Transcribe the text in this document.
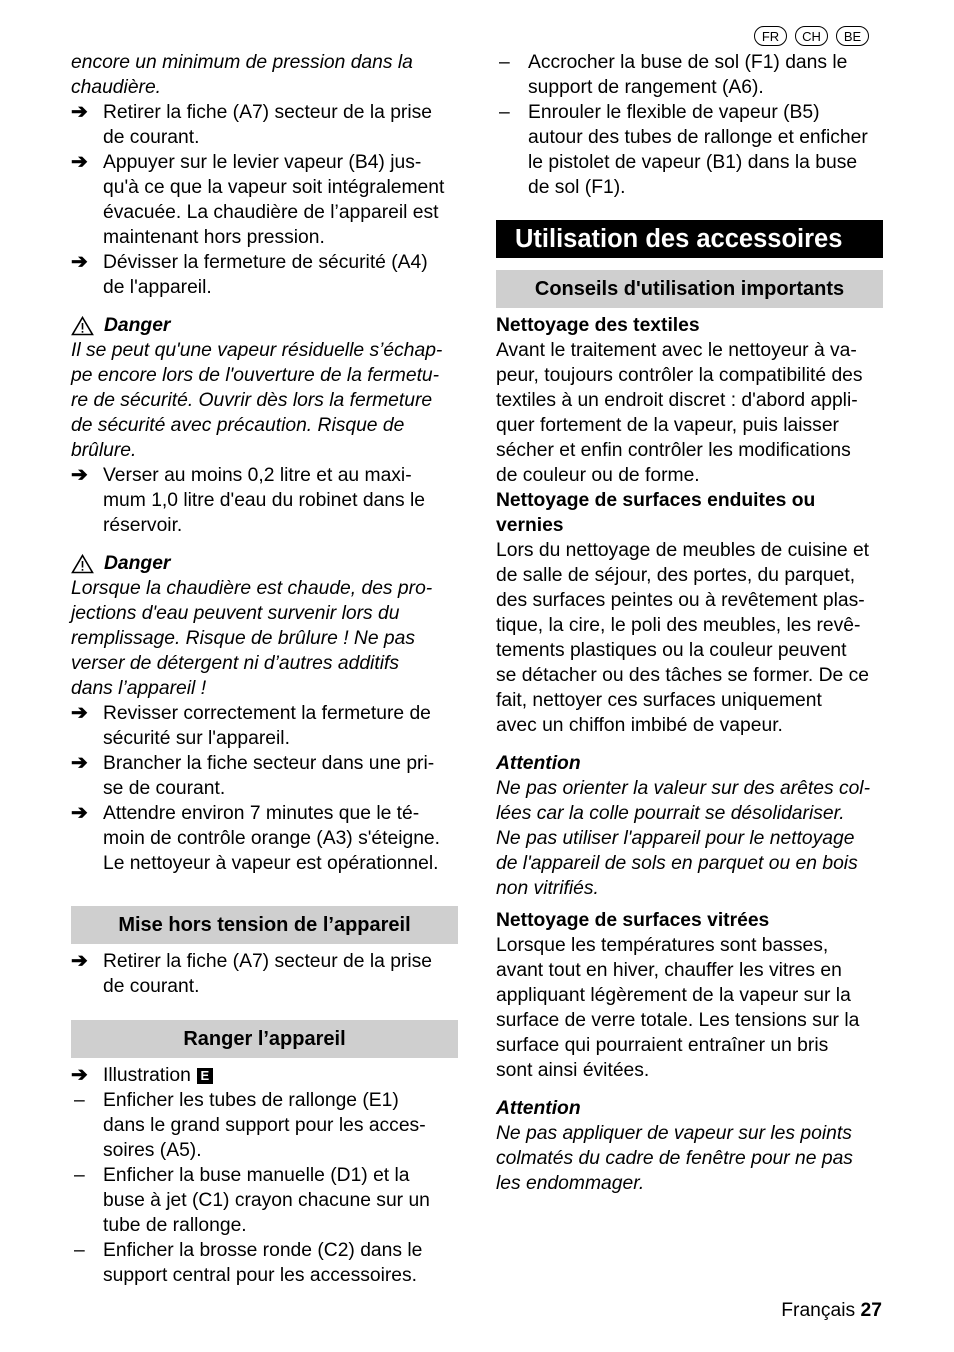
FR	CH	BE

encore un minimum de pression dans la

chaudière.

➔ Retirer la fiche (A7) secteur de la prise

de courant.

➔ Appuyer sur le levier vapeur (B4) jus-

qu'à ce que la vapeur soit intégralement

évacuée. La chaudière de l’appareil est

maintenant hors pression.

➔ Dévisser la fermeture de sécurité (A4)

de l'appareil.

Danger

Il se peut qu'une vapeur résiduelle s’échap-

pe encore lors de l'ouverture de la fermetu-

re de sécurité. Ouvrir dès lors la fermeture

de sécurité avec précaution. Risque de

brûlure.

➔ Verser au moins 0,2 litre et au maxi-

mum 1,0 litre d'eau du robinet dans le

réservoir.

Danger

Lorsque la chaudière est chaude, des pro-

jections d'eau peuvent survenir lors du

remplissage. Risque de brûlure ! Ne pas

verser de détergent ni d’autres additifs

dans l’appareil !

➔ Revisser correctement la fermeture de

sécurité sur l'appareil.

➔ Brancher la fiche secteur dans une pri-

se de courant.

➔ Attendre environ 7 minutes que le té-

moin de contrôle orange (A3) s'éteigne.

Le nettoyeur à vapeur est opérationnel.

Mise hors tension de l’appareil
➔ Retirer la fiche (A7) secteur de la prise

de courant.

Ranger l’appareil
➔ Illustration E

– Enficher les tubes de rallonge (E1)

dans le grand support pour les acces-

soires (A5).

– Enficher la buse manuelle (D1) et la

buse à jet (C1) crayon chacune sur un

tube de rallonge.

– Enficher la brosse ronde (C2) dans le

support central pour les accessoires.

– Accrocher la buse de sol (F1) dans le

support de rangement (A6).

– Enrouler le flexible de vapeur (B5)

autour des tubes de rallonge et enficher

le pistolet de vapeur (B1) dans la buse

de sol (F1).

Utilisation des accessoires
Conseils d'utilisation importants

Nettoyage des textiles

Avant le traitement avec le nettoyeur à va-

peur, toujours contrôler la compatibilité des

textiles à un endroit discret : d'abord appli-

quer fortement de la vapeur, puis laisser

sécher et enfin contrôler les modifications

de couleur ou de forme.

Nettoyage de surfaces enduites ou

vernies

Lors du nettoyage de meubles de cuisine et

de salle de séjour, des portes, du parquet,

des surfaces peintes ou à revêtement plas-

tique, la cire, le poli des meubles, les revê-

tements plastiques ou la couleur peuvent

se détacher ou des tâches se former. De ce

fait, nettoyer ces surfaces uniquement

avec un chiffon imbibé de vapeur.

Attention

Ne pas orienter la valeur sur des arêtes col-

lées car la colle pourrait se désolidariser.

Ne pas utiliser l'appareil pour le nettoyage

de l'appareil de sols en parquet ou en bois

non vitrifiés.

Nettoyage de surfaces vitrées

Lorsque les températures sont basses,

avant tout en hiver, chauffer les vitres en

appliquant légèrement de la vapeur sur la

surface de verre totale. Les tensions sur la

surface qui pourraient entraîner un bris

sont ainsi évitées.

Attention

Ne pas appliquer de vapeur sur les points

colmatés du cadre de fenêtre pour ne pas

les endommager.

Français 27
